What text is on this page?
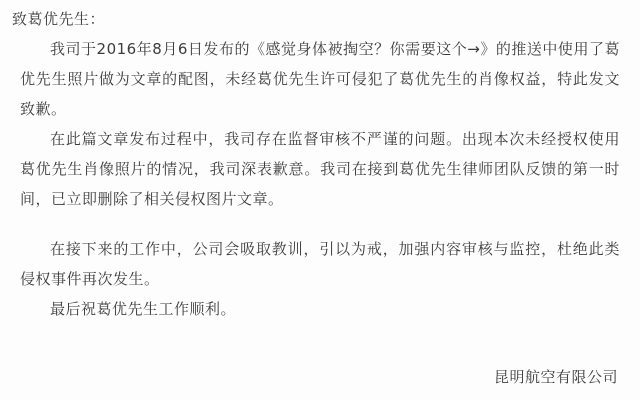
致葛优先生：

我司于2016年8月6日发布的《感觉身体被掏空？你需要这个→》的推送中使用了葛优先生照片做为文章的配图，未经葛优先生许可侵犯了葛优先生的肖像权益，特此发文致歉。

在此篇文章发布过程中，我司存在监督审核不严谨的问题。出现本次未经授权使用葛优先生肖像照片的情况，我司深表歉意。我司在接到葛优先生律师团队反馈的第一时间，已立即删除了相关侵权图片文章。

在接下来的工作中，公司会吸取教训，引以为戒，加强内容审核与监控，杜绝此类侵权事件再次发生。

最后祝葛优先生工作顺利。

昆明航空有限公司
